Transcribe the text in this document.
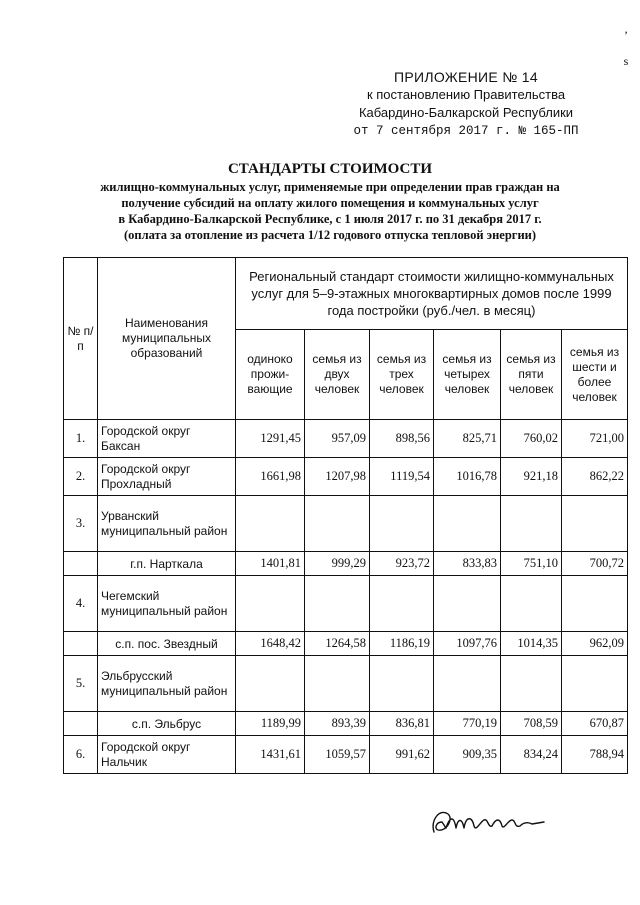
’
s
ПРИЛОЖЕНИЕ № 14
к постановлению Правительства
Кабардино-Балкарской Республики
от 7 сентября 2017 г. № 165-ПП
СТАНДАРТЫ СТОИМОСТИ
жилищно-коммунальных услуг, применяемые при определении прав граждан на
получение субсидий на оплату жилого помещения и коммунальных услуг
в Кабардино-Балкарской Республике, с 1 июля 2017 г. по 31 декабря 2017 г.
(оплата за отопление из расчета 1/12 годового отпуска тепловой энергии)
№ п/п	Наименования муниципальных образований	Региональный стандарт стоимости жилищно-коммунальных услуг для 5–9-этажных многоквартирных домов после 1999 года постройки (руб./чел. в месяц)					
		одиноко прожи-вающие	семья из двух человек	семья из трех человек	семья из четырех человек	семья из пяти человек	семья из шести и более человек
1.	Городской округ Баксан	1291,45	957,09	898,56	825,71	760,02	721,00
2.	Городской округ Прохладный	1661,98	1207,98	1119,54	1016,78	921,18	862,22
3.	Урванский муниципальный район						
	г.п. Нарткала	1401,81	999,29	923,72	833,83	751,10	700,72
4.	Чегемский муниципальный район						
	с.п. пос. Звездный	1648,42	1264,58	1186,19	1097,76	1014,35	962,09
5.	Эльбрусский муниципальный район						
	с.п. Эльбрус	1189,99	893,39	836,81	770,19	708,59	670,87
6.	Городской округ Нальчик	1431,61	1059,57	991,62	909,35	834,24	788,94
